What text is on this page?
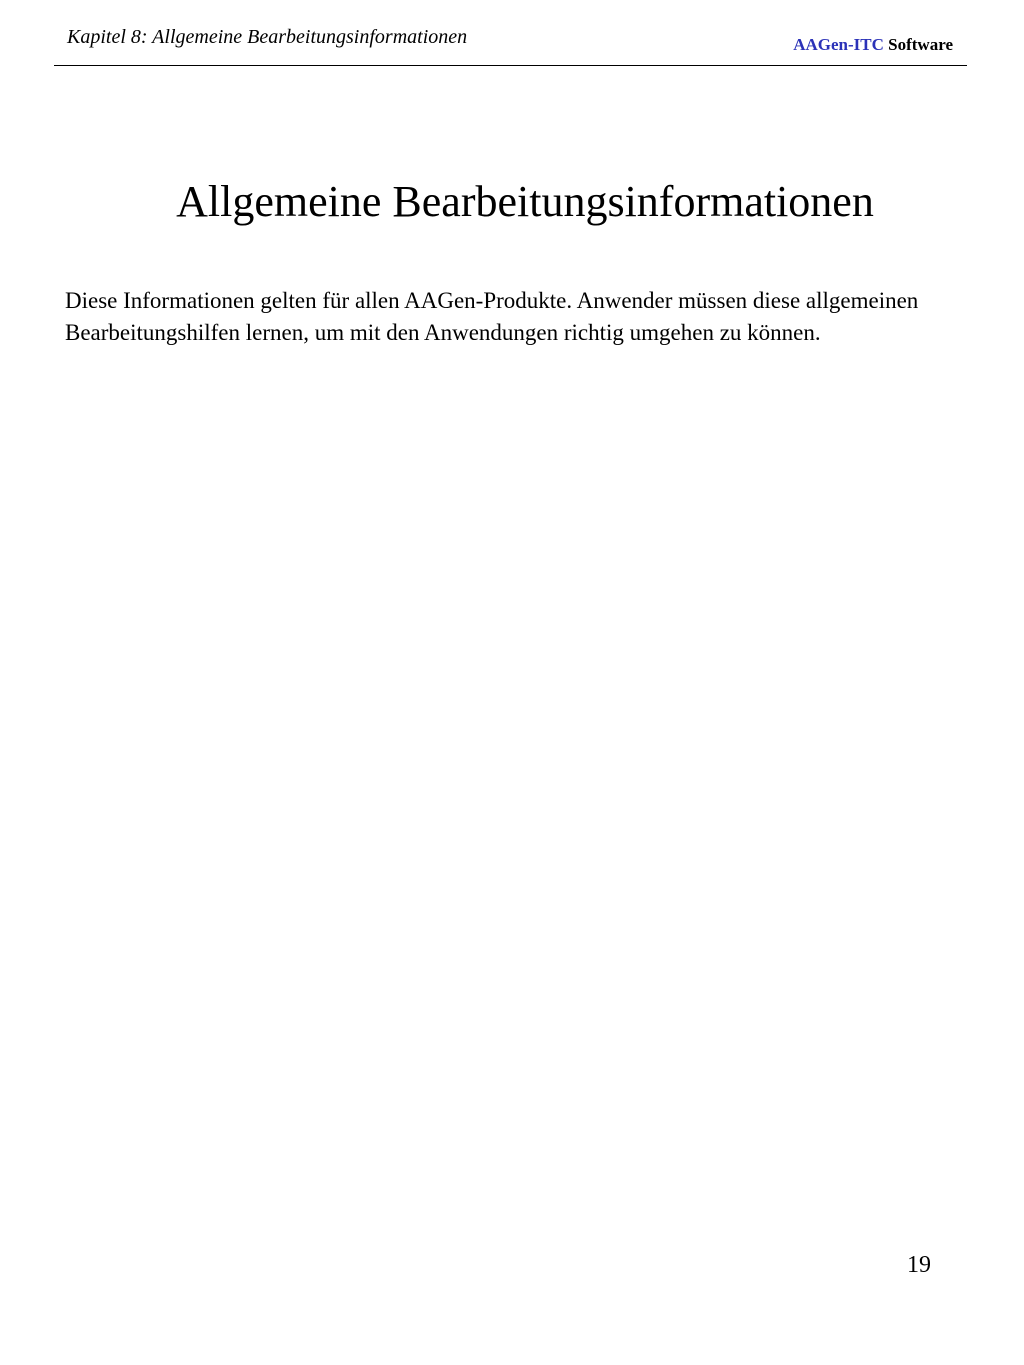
Kapitel 8: Allgemeine Bearbeitungsinformationen	AAGen-ITC Software
Allgemeine Bearbeitungsinformationen

Diese Informationen gelten für allen AAGen-Produkte. Anwender müssen diese allgemeinen Bearbeitungshilfen lernen, um mit den Anwendungen richtig umgehen zu können.

19
